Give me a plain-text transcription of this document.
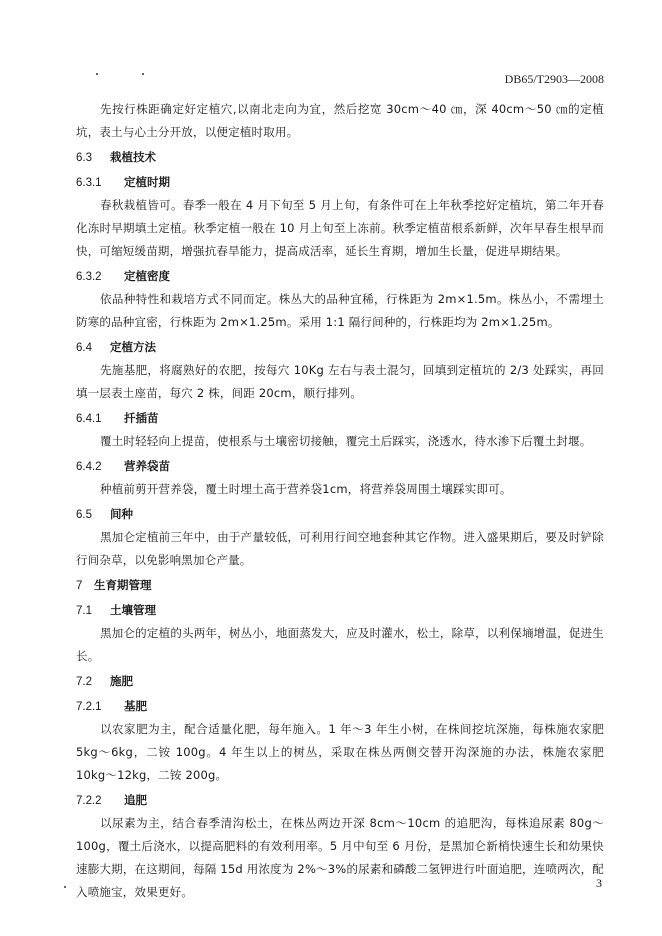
DB65/T2903—2008

先按行株距确定好定植穴,以南北走向为宜，然后挖宽 30cm～40 ㎝，深 40cm～50 ㎝的定植坑，表土与心土分开放，以便定植时取用。

6.3 栽植技术
6.3.1 定植时期

春秋栽植皆可。春季一般在 4 月下旬至 5 月上旬，有条件可在上年秋季挖好定植坑，第二年开春化冻时早期填土定植。秋季定植一般在 10 月上旬至上冻前。秋季定植苗根系新鲜，次年早春生根早而快，可缩短缓苗期，增强抗春旱能力，提高成活率，延长生育期，增加生长量，促进早期结果。

6.3.2 定植密度

依品种特性和栽培方式不同而定。株丛大的品种宜稀，行株距为 2m×1.5m。株丛小，不需埋土防寒的品种宜密，行株距为 2m×1.25m。采用 1:1 隔行间种的，行株距均为 2m×1.25m。

6.4 定植方法

先施基肥，将腐熟好的农肥，按每穴 10Kg 左右与表土混匀，回填到定植坑的 2/3 处踩实，再回填一层表土座苗，每穴 2 株，间距 20cm，顺行排列。

6.4.1 扦插苗

覆土时轻轻向上提苗，使根系与土壤密切接触，覆完土后踩实，浇透水，待水渗下后覆土封堰。

6.4.2 营养袋苗

种植前剪开营养袋，覆土时埋土高于营养袋1cm，将营养袋周围土壤踩实即可。

6.5 间种

黑加仑定植前三年中，由于产量较低，可利用行间空地套种其它作物。进入盛果期后，要及时铲除行间杂草，以免影响黑加仑产量。

7 生育期管理
7.1 土壤管理

黑加仑的定植的头两年，树丛小，地面蒸发大，应及时灌水，松土，除草，以利保墒增温，促进生长。

7.2 施肥
7.2.1 基肥

以农家肥为主，配合适量化肥，每年施入。1 年～3 年生小树，在株间挖坑深施，每株施农家肥 5kg～6kg，二铵 100g。4 年生以上的树丛，采取在株丛两侧交替开沟深施的办法，株施农家肥 10kg～12kg，二铵 200g。

7.2.2 追肥

以尿素为主，结合春季清沟松土，在株丛两边开深 8cm～10cm 的追肥沟，每株追尿素 80g～100g，覆土后浇水，以提高肥料的有效利用率。5 月中旬至 6 月份，是黑加仑新梢快速生长和幼果快速膨大期，在这期间，每隔 15d 用浓度为 2%～3%的尿素和磷酸二氢钾进行叶面追肥，连喷两次，配入喷施宝，效果更好。

3
